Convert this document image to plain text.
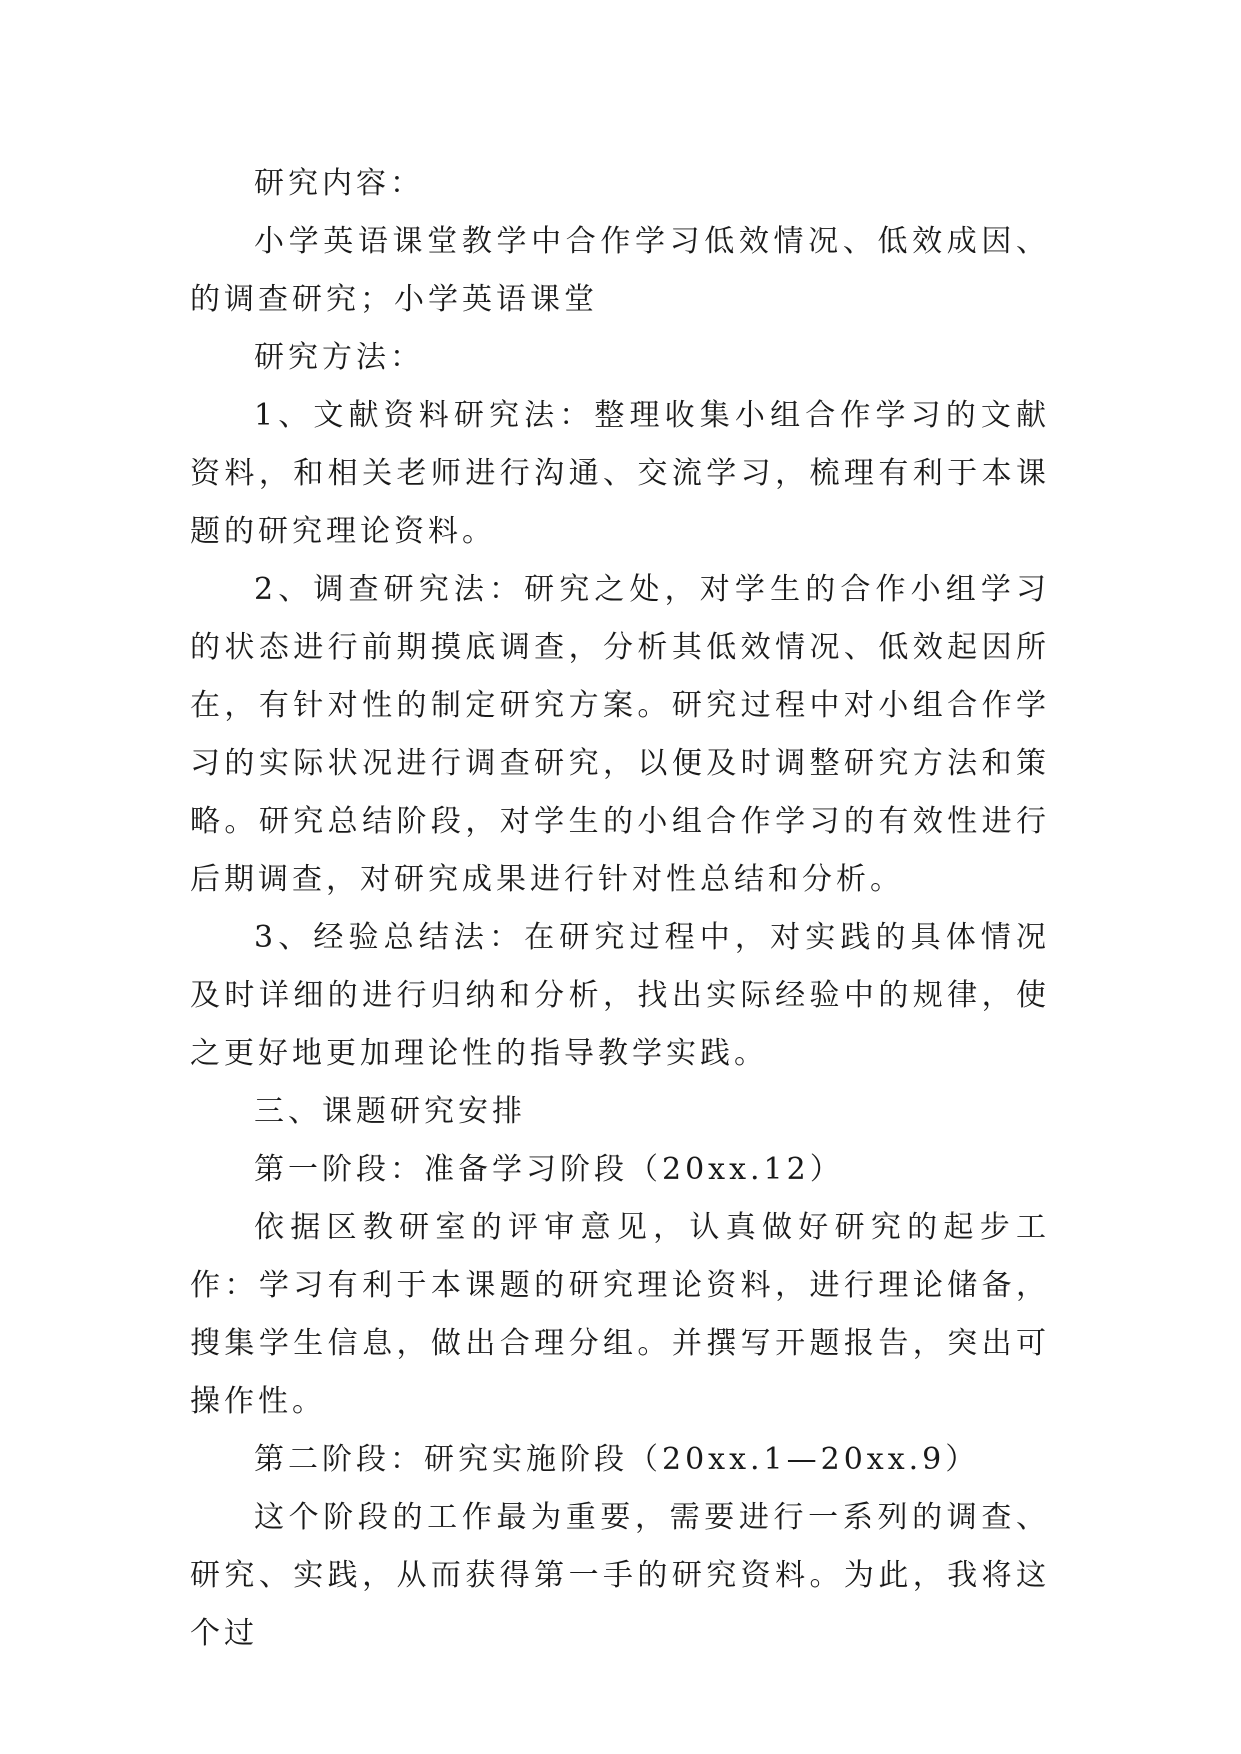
研究内容：

小学英语课堂教学中合作学习低效情况、低效成因、的调查研究；小学英语课堂

研究方法：

1、文献资料研究法：整理收集小组合作学习的文献资料，和相关老师进行沟通、交流学习，梳理有利于本课题的研究理论资料。

2、调查研究法：研究之处，对学生的合作小组学习的状态进行前期摸底调查，分析其低效情况、低效起因所在，有针对性的制定研究方案。研究过程中对小组合作学习的实际状况进行调查研究，以便及时调整研究方法和策略。研究总结阶段，对学生的小组合作学习的有效性进行后期调查，对研究成果进行针对性总结和分析。

3、经验总结法：在研究过程中，对实践的具体情况及时详细的进行归纳和分析，找出实际经验中的规律，使之更好地更加理论性的指导教学实践。

三、课题研究安排

第一阶段：准备学习阶段（20xx.12）

依据区教研室的评审意见，认真做好研究的起步工作：学习有利于本课题的研究理论资料，进行理论储备，搜集学生信息，做出合理分组。并撰写开题报告，突出可操作性。

第二阶段：研究实施阶段（20xx.1—20xx.9）

这个阶段的工作最为重要，需要进行一系列的调查、研究、实践，从而获得第一手的研究资料。为此，我将这个过
